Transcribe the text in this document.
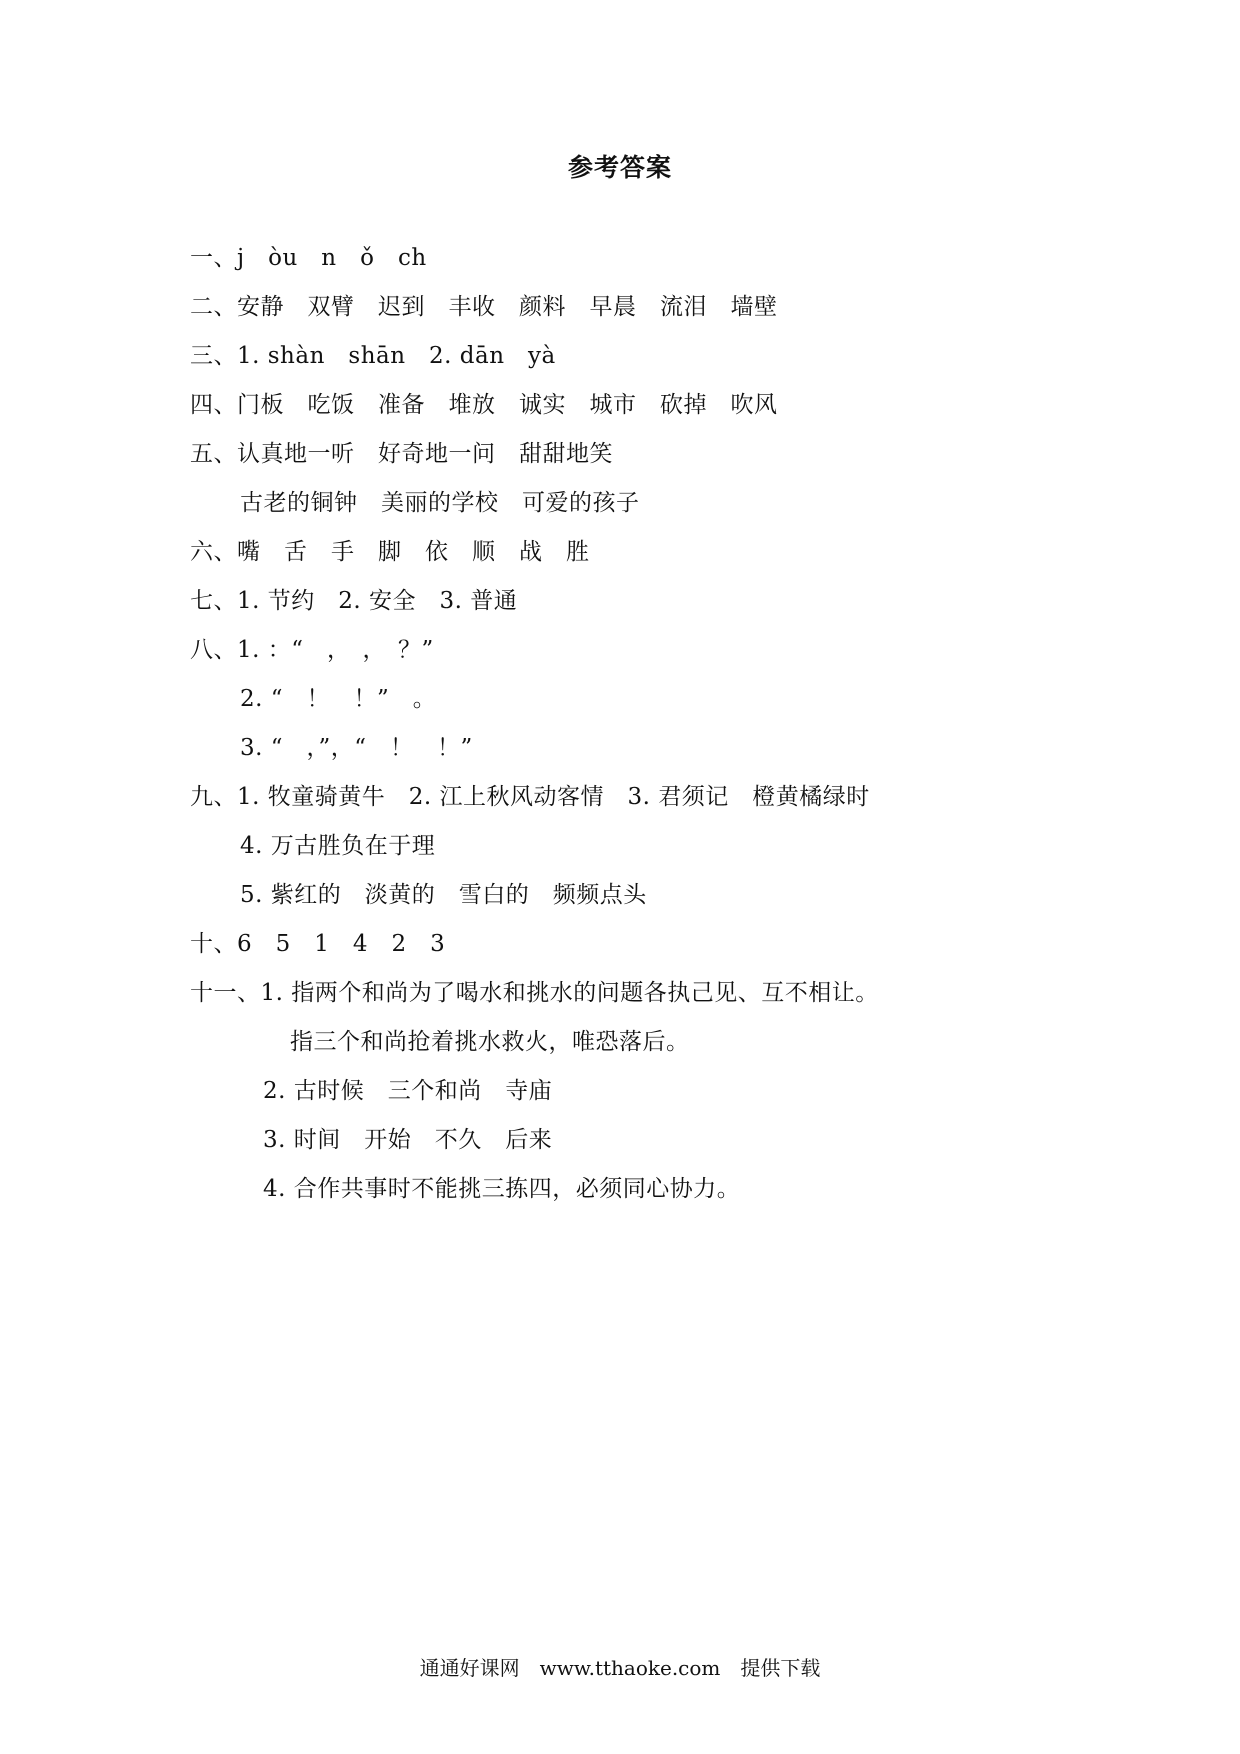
参考答案
一、j　òu　n　ǒ　ch
二、安静　双臂　迟到　丰收　颜料　早晨　流泪　墙壁
三、1. shàn　shān　2. dān　yà
四、门板　吃饭　准备　堆放　诚实　城市　砍掉　吹风
五、认真地一听　好奇地一问　甜甜地笑
古老的铜钟　美丽的学校　可爱的孩子
六、嘴　舌　手　脚　依　顺　战　胜
七、1. 节约　2. 安全　3. 普通
八、1. ：“　，　，　？”
2. “　！　！”　。
3. “　，”，“　！　！”
九、1. 牧童骑黄牛　2. 江上秋风动客情　3. 君须记　橙黄橘绿时
4. 万古胜负在于理
5. 紫红的　淡黄的　雪白的　频频点头
十、6　5　1　4　2　3
十一、1. 指两个和尚为了喝水和挑水的问题各执己见、互不相让。
指三个和尚抢着挑水救火，唯恐落后。
2. 古时候　三个和尚　寺庙
3. 时间　开始　不久　后来
4. 合作共事时不能挑三拣四，必须同心协力。
通通好课网　www.tthaoke.com　提供下载
